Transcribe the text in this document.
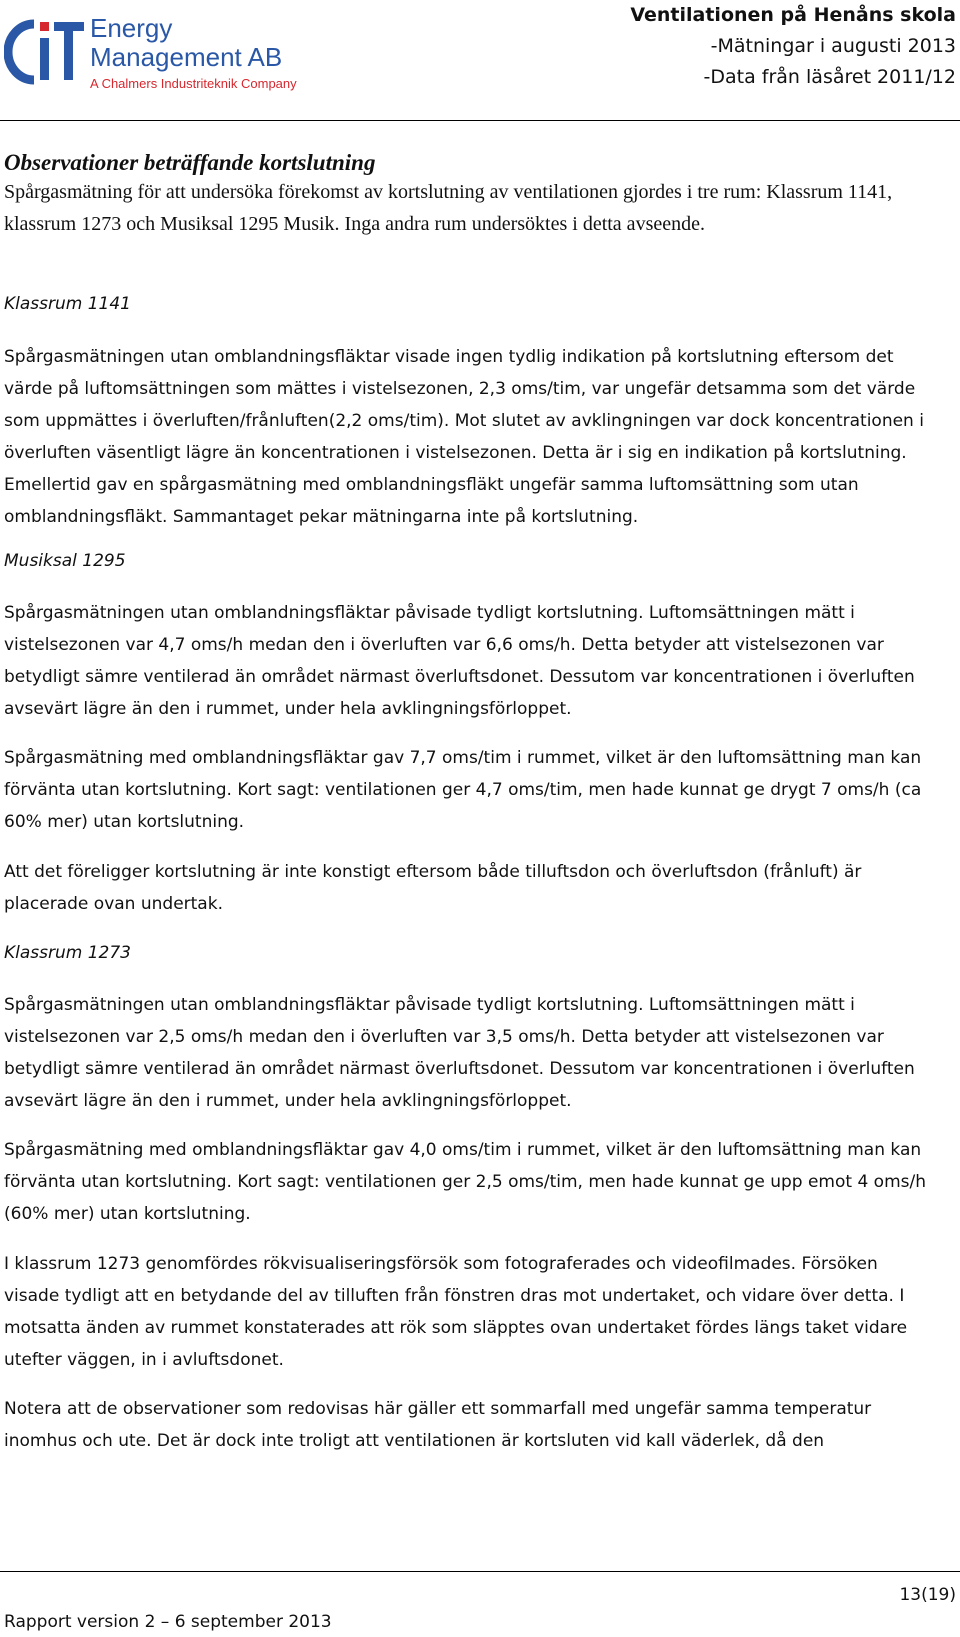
Energy
Management AB
A Chalmers Industriteknik Company
Ventilationen på Henåns skola
-Mätningar i augusti 2013
-Data från läsåret 2011/12
Observationer beträffande kortslutning
Spårgasmätning för att undersöka förekomst av kortslutning av ventilationen gjordes i tre rum: Klassrum 1141, klassrum 1273 och Musiksal 1295 Musik. Inga andra rum undersöktes i detta avseende.
Klassrum 1141
Spårgasmätningen utan omblandningsfläktar visade ingen tydlig indikation på kortslutning eftersom det värde på luftomsättningen som mättes i vistelsezonen, 2,3 oms/tim, var ungefär detsamma som det värde som uppmättes i överluften/frånluften(2,2 oms/tim). Mot slutet av avklingningen var dock koncentrationen i överluften väsentligt lägre än koncentrationen i vistelsezonen. Detta är i sig en indikation på kortslutning. Emellertid gav en spårgasmätning med omblandningsfläkt ungefär samma luftomsättning som utan omblandningsfläkt. Sammantaget pekar mätningarna inte på kortslutning.
Musiksal 1295
Spårgasmätningen utan omblandningsfläktar påvisade tydligt kortslutning. Luftomsättningen mätt i vistelsezonen var 4,7 oms/h medan den i överluften var 6,6 oms/h. Detta betyder att vistelsezonen var betydligt sämre ventilerad än området närmast överluftsdonet. Dessutom var koncentrationen i överluften avsevärt lägre än den i rummet, under hela avklingningsförloppet.
Spårgasmätning med omblandningsfläktar gav 7,7 oms/tim i rummet, vilket är den luftomsättning man kan förvänta utan kortslutning. Kort sagt: ventilationen ger 4,7 oms/tim, men hade kunnat ge drygt 7 oms/h (ca 60% mer) utan kortslutning.
Att det föreligger kortslutning är inte konstigt eftersom både tilluftsdon och överluftsdon (frånluft) är placerade ovan undertak.
Klassrum 1273
Spårgasmätningen utan omblandningsfläktar påvisade tydligt kortslutning. Luftomsättningen mätt i vistelsezonen var 2,5 oms/h medan den i överluften var 3,5 oms/h. Detta betyder att vistelsezonen var betydligt sämre ventilerad än området närmast överluftsdonet. Dessutom var koncentrationen i överluften avsevärt lägre än den i rummet, under hela avklingningsförloppet.
Spårgasmätning med omblandningsfläktar gav 4,0 oms/tim i rummet, vilket är den luftomsättning man kan förvänta utan kortslutning. Kort sagt: ventilationen ger 2,5 oms/tim, men hade kunnat ge upp emot 4 oms/h (60% mer) utan kortslutning.
I klassrum 1273 genomfördes rökvisualiseringsförsök som fotograferades och videofilmades. Försöken visade tydligt att en betydande del av tilluften från fönstren dras mot undertaket, och vidare över detta. I motsatta änden av rummet konstaterades att rök som släpptes ovan undertaket fördes längs taket vidare utefter väggen, in i avluftsdonet.
Notera att de observationer som redovisas här gäller ett sommarfall med ungefär samma temperatur inomhus och ute. Det är dock inte troligt att ventilationen är kortsluten vid kall väderlek, då den
13(19)
Rapport version 2 – 6 september 2013
